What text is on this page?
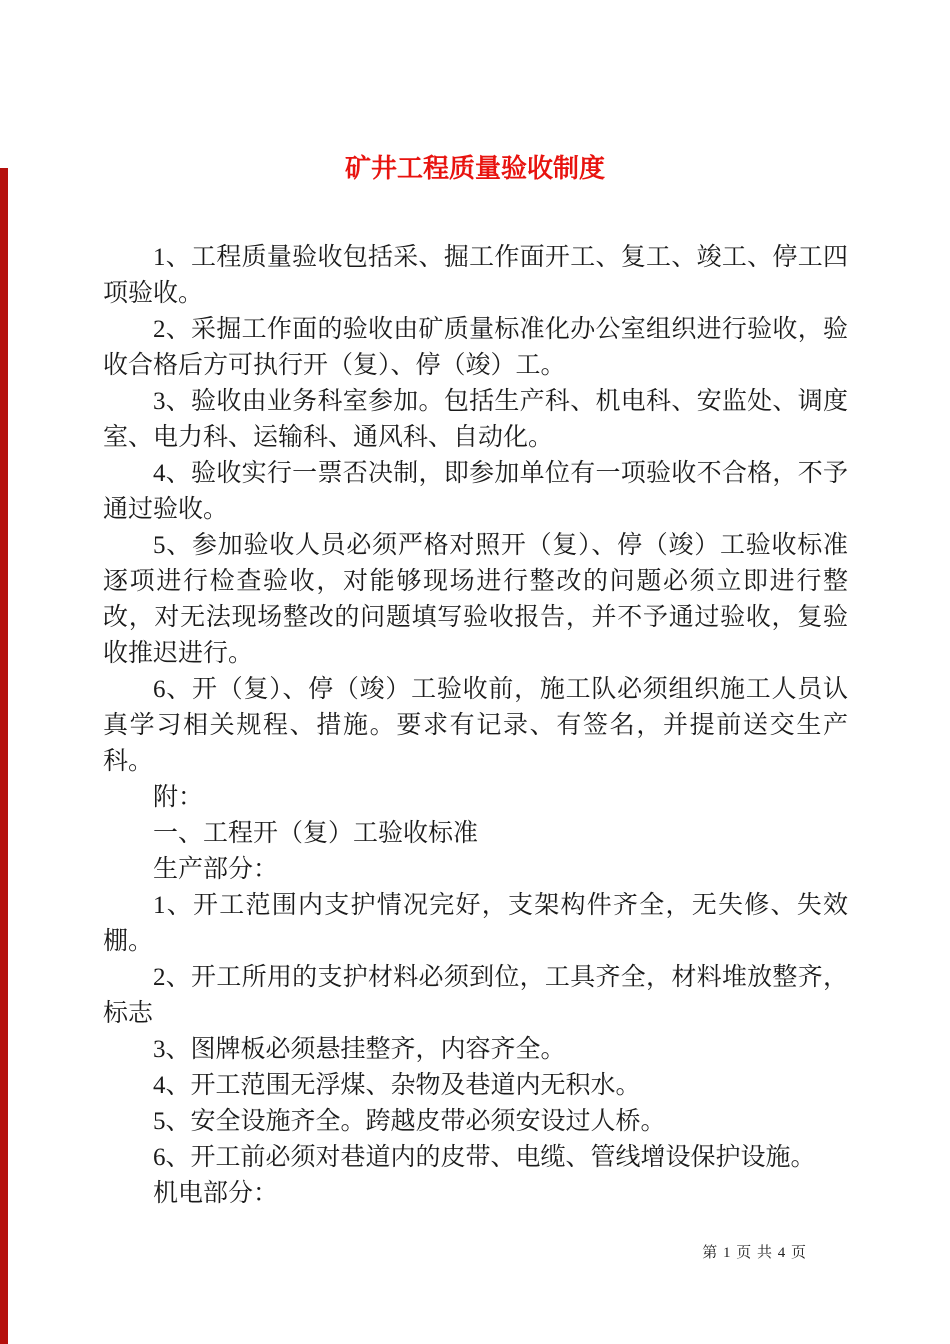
矿井工程质量验收制度

1、工程质量验收包括采、掘工作面开工、复工、竣工、停工四项验收。

2、采掘工作面的验收由矿质量标准化办公室组织进行验收，验收合格后方可执行开（复）、停（竣）工。

3、验收由业务科室参加。包括生产科、机电科、安监处、调度室、电力科、运输科、通风科、自动化。

4、验收实行一票否决制，即参加单位有一项验收不合格，不予通过验收。

5、参加验收人员必须严格对照开（复）、停（竣）工验收标准逐项进行检查验收，对能够现场进行整改的问题必须立即进行整改，对无法现场整改的问题填写验收报告，并不予通过验收，复验收推迟进行。

6、开（复）、停（竣）工验收前，施工队必须组织施工人员认真学习相关规程、措施。要求有记录、有签名，并提前送交生产科。

附：

一、工程开（复）工验收标准

生产部分：

1、开工范围内支护情况完好，支架构件齐全，无失修、失效棚。

2、开工所用的支护材料必须到位，工具齐全，材料堆放整齐，标志

3、图牌板必须悬挂整齐，内容齐全。

4、开工范围无浮煤、杂物及巷道内无积水。

5、安全设施齐全。跨越皮带必须安设过人桥。

6、开工前必须对巷道内的皮带、电缆、管线增设保护设施。

机电部分：

第 1 页 共 4 页
